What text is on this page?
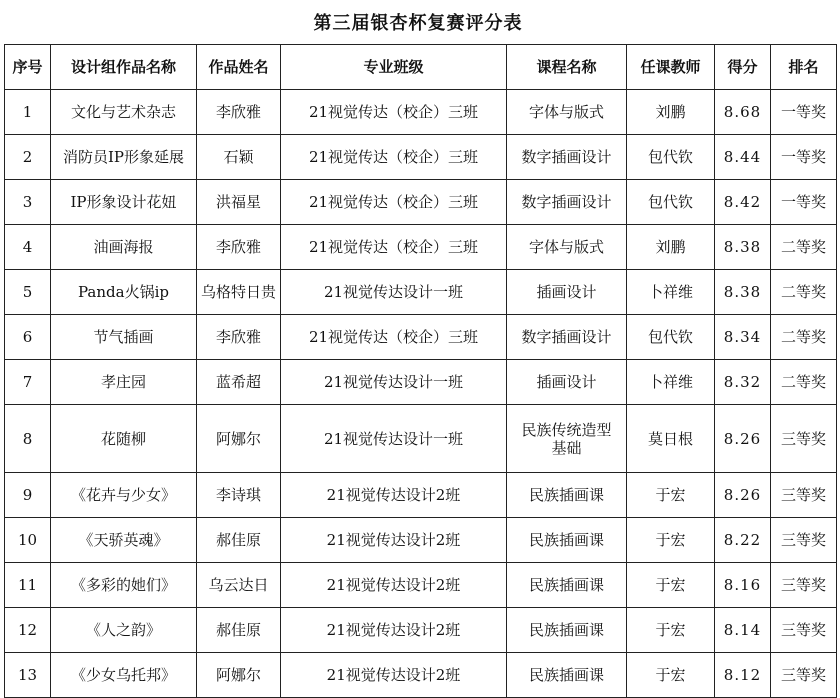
第三届银杏杯复赛评分表
序号	设计组作品名称	作品姓名	专业班级	课程名称	任课教师	得分	排名
1	文化与艺术杂志	李欣雅	21视觉传达（校企）三班	字体与版式	刘鹏	8.68	一等奖
2	消防员IP形象延展	石颖	21视觉传达（校企）三班	数字插画设计	包代钦	8.44	一等奖
3	IP形象设计花妞	洪福星	21视觉传达（校企）三班	数字插画设计	包代钦	8.42	一等奖
4	油画海报	李欣雅	21视觉传达（校企）三班	字体与版式	刘鹏	8.38	二等奖
5	Panda火锅ip	乌格特日贵	21视觉传达设计一班	插画设计	卜祥维	8.38	二等奖
6	节气插画	李欣雅	21视觉传达（校企）三班	数字插画设计	包代钦	8.34	二等奖
7	孝庄园	蓝希超	21视觉传达设计一班	插画设计	卜祥维	8.32	二等奖
8	花随柳	阿娜尔	21视觉传达设计一班	民族传统造型基础	莫日根	8.26	三等奖
9	《花卉与少女》	李诗琪	21视觉传达设计2班	民族插画课	于宏	8.26	三等奖
10	《天骄英魂》	郝佳原	21视觉传达设计2班	民族插画课	于宏	8.22	三等奖
11	《多彩的她们》	乌云达日	21视觉传达设计2班	民族插画课	于宏	8.16	三等奖
12	《人之韵》	郝佳原	21视觉传达设计2班	民族插画课	于宏	8.14	三等奖
13	《少女乌托邦》	阿娜尔	21视觉传达设计2班	民族插画课	于宏	8.12	三等奖
